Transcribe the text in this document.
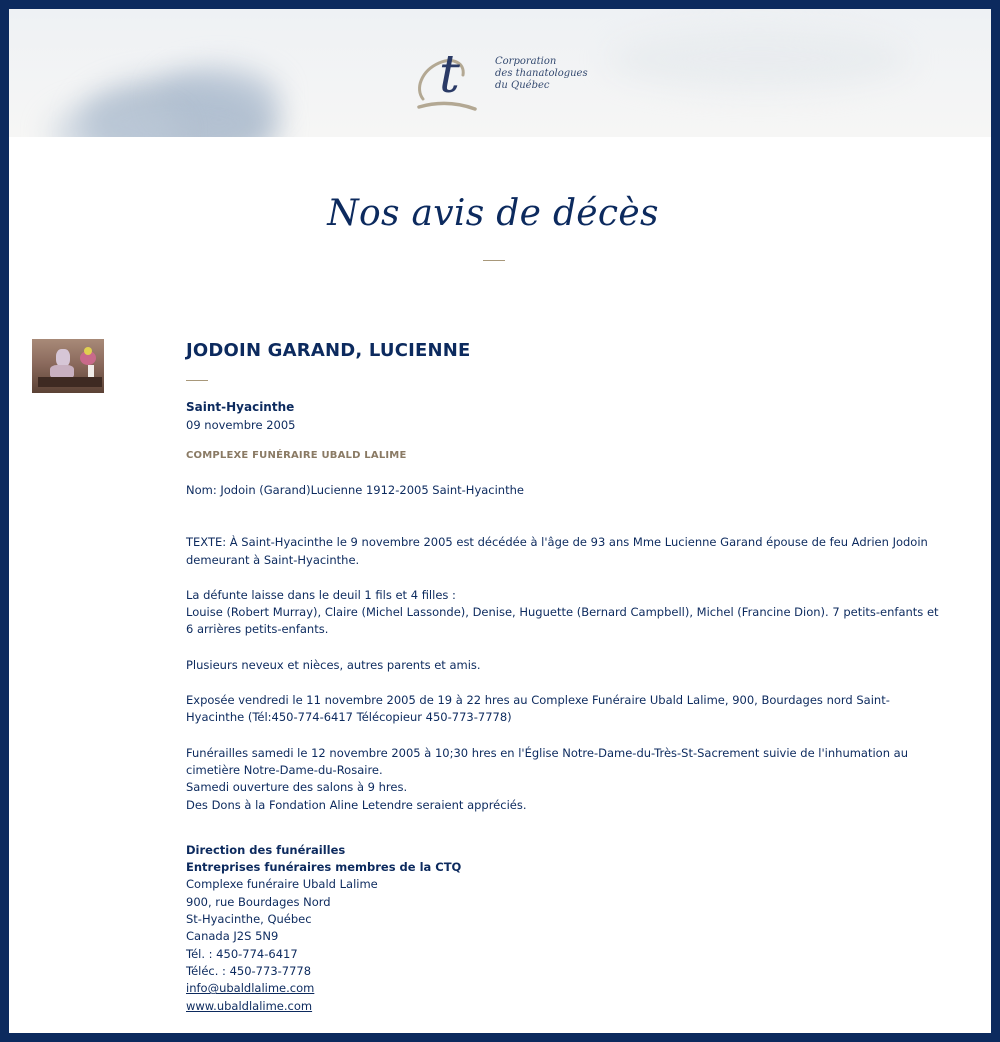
t	Corporation
des thanatologues
du Québec
Nos avis de décès
JODOIN GARAND, LUCIENNE
Saint-Hyacinthe
09 novembre 2005
COMPLEXE FUNÉRAIRE UBALD LALIME

Nom: Jodoin (Garand)Lucienne 1912-2005 Saint-Hyacinthe

TEXTE: À Saint-Hyacinthe le 9 novembre 2005 est décédée à l'âge de 93 ans Mme Lucienne Garand épouse de feu Adrien Jodoin demeurant à Saint-Hyacinthe.

La défunte laisse dans le deuil 1 fils et 4 filles :

Louise (Robert Murray), Claire (Michel Lassonde), Denise, Huguette (Bernard Campbell), Michel (Francine Dion). 7 petits-enfants et 6 arrières petits-enfants.

Plusieurs neveux et nièces, autres parents et amis.

Exposée vendredi le 11 novembre 2005 de 19 à 22 hres au Complexe Funéraire Ubald Lalime, 900, Bourdages nord Saint-Hyacinthe (Tél:450-774-6417 Télécopieur 450-773-7778)

Funérailles samedi le 12 novembre 2005 à 10;30 hres en l'Église Notre-Dame-du-Très-St-Sacrement suivie de l'inhumation au cimetière Notre-Dame-du-Rosaire.

Samedi ouverture des salons à 9 hres.

Des Dons à la Fondation Aline Letendre seraient appréciés.

Direction des funérailles

Entreprises funéraires membres de la CTQ

Complexe funéraire Ubald Lalime

900, rue Bourdages Nord

St-Hyacinthe, Québec

Canada J2S 5N9

Tél. : 450-774-6417

Téléc. : 450-773-7778

info@ubaldlalime.com

www.ubaldlalime.com
